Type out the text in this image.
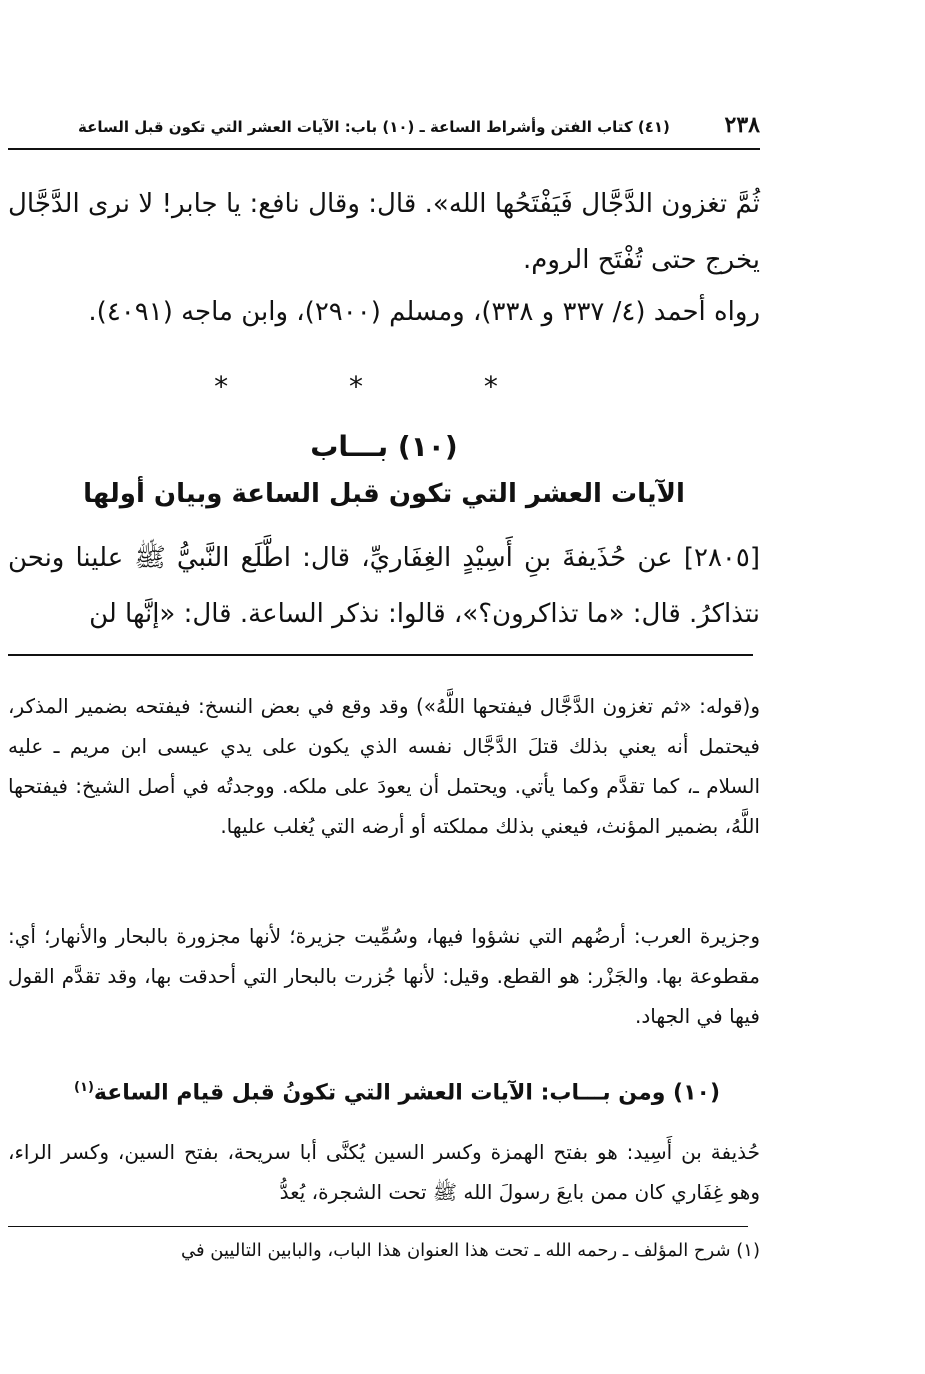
٢٣٨
(٤١) كتاب الفتن وأشراط الساعة ـ (١٠) باب: الآيات العشر التي تكون قبل الساعة
ثُمَّ تغزون الدَّجَّال فَيَفْتَحُها الله». قال: وقال نافع: يا جابر! لا نرى الدَّجَّال يخرج حتى تُفْتَح الروم.
رواه أحمد (٤/ ٣٣٧ و ٣٣٨)، ومسلم (٢٩٠٠)، وابن ماجه (٤٠٩١).
* * *
(١٠) بـــاب
الآيات العشر التي تكون قبل الساعة وبيان أولها
[٢٨٠٥] عن حُذَيفةَ بنِ أَسِيْدٍ الغِفَاريِّ، قال: اطَّلَع النَّبيُّ ﷺ علينا ونحن نتذاكرُ. قال: «ما تذاكرون؟»، قالوا: نذكر الساعة. قال: «إنَّها لن
و(قوله: «ثم تغزون الدَّجَّال فيفتحها اللَّهُ») وقد وقع في بعض النسخ: فيفتحه بضمير المذكر، فيحتمل أنه يعني بذلك قتلَ الدَّجَّال نفسه الذي يكون على يدي عيسى ابن مريم ـ عليه السلام ـ، كما تقدَّم وكما يأتي. ويحتمل أن يعودَ على ملكه. ووجدتُه في أصل الشيخ: فيفتحها اللَّهُ، بضمير المؤنث، فيعني بذلك مملكته أو أرضه التي يُغلب عليها.
وجزيرة العرب: أرضُهم التي نشؤوا فيها، وسُمِّيت جزيرة؛ لأنها مجزورة بالبحار والأنهار؛ أي: مقطوعة بها. والجَزْر: هو القطع. وقيل: لأنها جُزرت بالبحار التي أحدقت بها، وقد تقدَّم القول فيها في الجهاد.
(١٠) ومن بـــاب: الآيات العشر التي تكونُ قبل قيام الساعة$^{(١)}$
حُذيفة بن أَسِيد: هو بفتح الهمزة وكسر السين يُكنَّى أبا سريحة، بفتح السين، وكسر الراء، وهو غِفَاري كان ممن بايعَ رسولَ الله ﷺ تحت الشجرة، يُعدُّ
(١) شرح المؤلف ـ رحمه الله ـ تحت هذا العنوان هذا الباب، والبابين التاليين في
